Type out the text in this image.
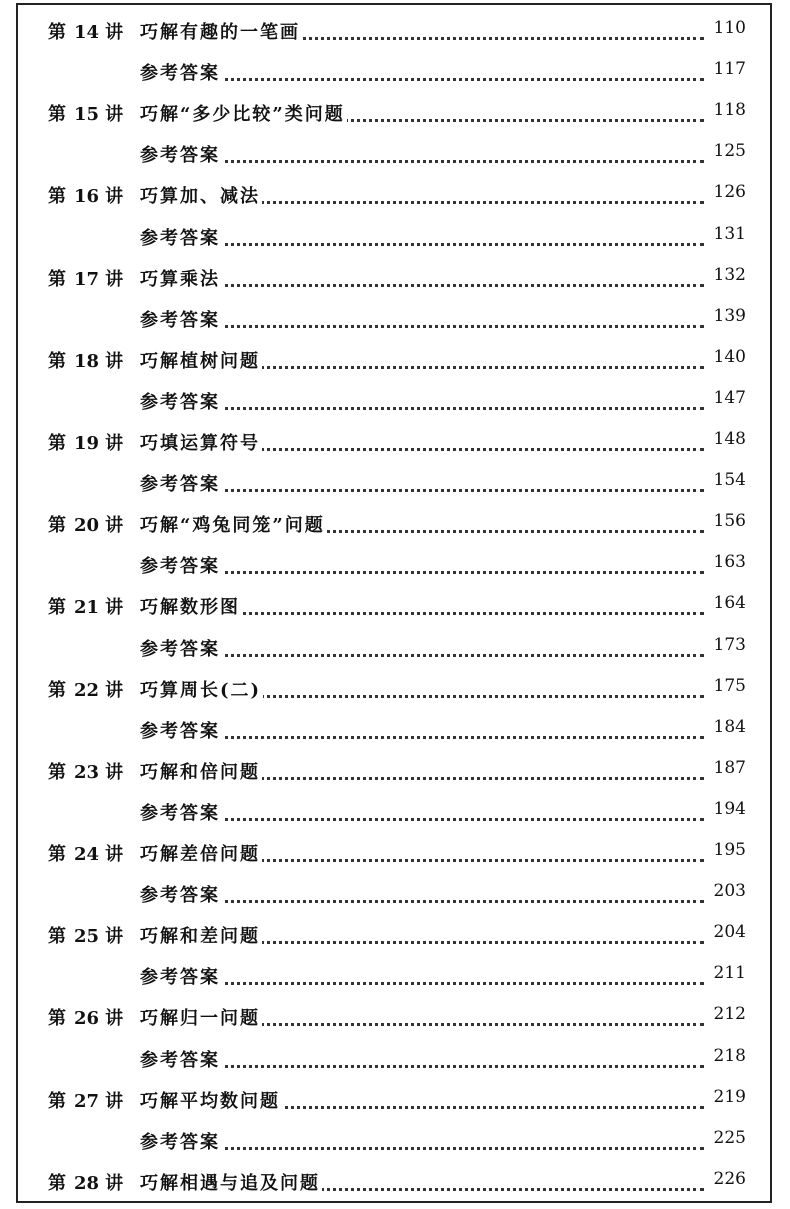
第 14 讲 巧解有趣的一笔画	110
参考答案	117
第 15 讲 巧解“多少比较”类问题	118
参考答案	125
第 16 讲 巧算加、减法	126
参考答案	131
第 17 讲 巧算乘法	132
参考答案	139
第 18 讲 巧解植树问题	140
参考答案	147
第 19 讲 巧填运算符号	148
参考答案	154
第 20 讲 巧解“鸡兔同笼”问题	156
参考答案	163
第 21 讲 巧解数形图	164
参考答案	173
第 22 讲 巧算周长(二)	175
参考答案	184
第 23 讲 巧解和倍问题	187
参考答案	194
第 24 讲 巧解差倍问题	195
参考答案	203
第 25 讲 巧解和差问题	204
参考答案	211
第 26 讲 巧解归一问题	212
参考答案	218
第 27 讲 巧解平均数问题	219
参考答案	225
第 28 讲 巧解相遇与追及问题	226
